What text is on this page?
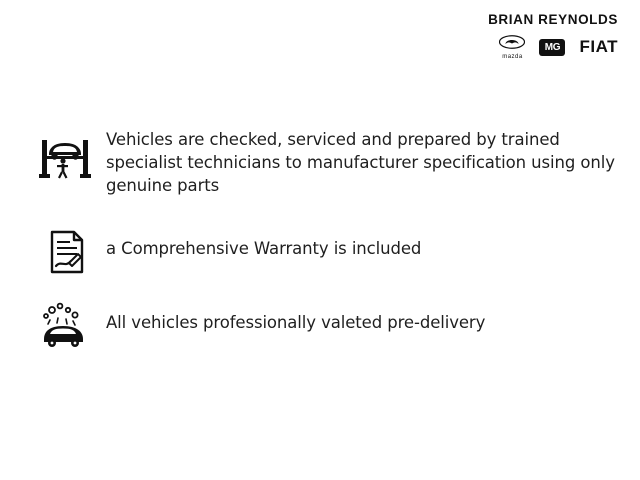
BRIAN REYNOLDS
mazda
MG	FIAT
Vehicles are checked, serviced and prepared by trained specialist technicians to manufacturer specification using only genuine parts
a Comprehensive Warranty is included
All vehicles professionally valeted pre-delivery
